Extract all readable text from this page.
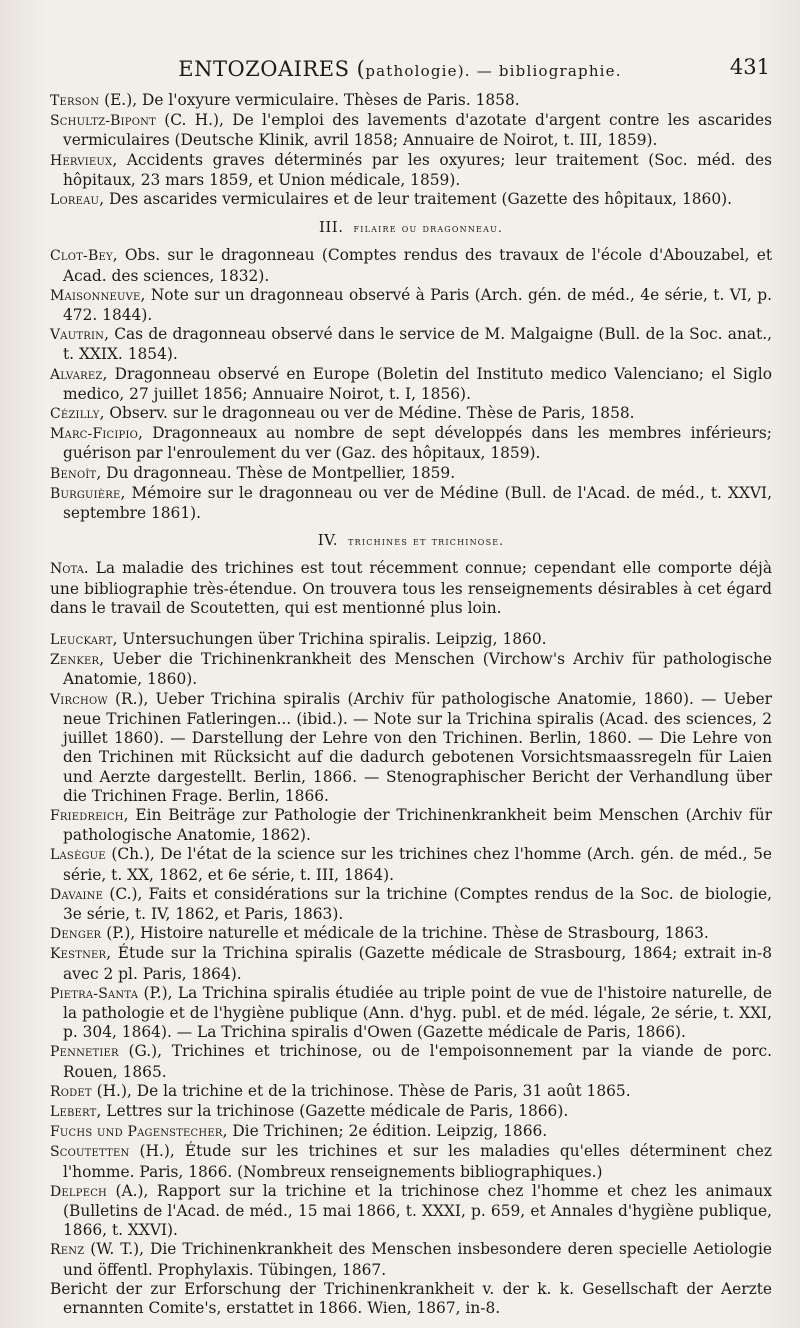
ENTOZOAIRES (pathologie). — bibliographie.	431

Terson (E.), De l'oxyure vermiculaire. Thèses de Paris. 1858.

Schultz-Bipont (C. H.), De l'emploi des lavements d'azotate d'argent contre les ascarides vermiculaires (Deutsche Klinik, avril 1858; Annuaire de Noirot, t. III, 1859).

Hervieux, Accidents graves déterminés par les oxyures; leur traitement (Soc. méd. des hôpitaux, 23 mars 1859, et Union médicale, 1859).

Loreau, Des ascarides vermiculaires et de leur traitement (Gazette des hôpitaux, 1860).

III. filaire ou dragonneau.

Clot-Bey, Obs. sur le dragonneau (Comptes rendus des travaux de l'école d'Abouzabel, et Acad. des sciences, 1832).

Maisonneuve, Note sur un dragonneau observé à Paris (Arch. gén. de méd., 4e série, t. VI, p. 472. 1844).

Vautrin, Cas de dragonneau observé dans le service de M. Malgaigne (Bull. de la Soc. anat., t. XXIX. 1854).

Alvarez, Dragonneau observé en Europe (Boletin del Instituto medico Valenciano; el Siglo medico, 27 juillet 1856; Annuaire Noirot, t. I, 1856).

Cézilly, Observ. sur le dragonneau ou ver de Médine. Thèse de Paris, 1858.

Marc-Ficipio, Dragonneaux au nombre de sept développés dans les membres inférieurs; guérison par l'enroulement du ver (Gaz. des hôpitaux, 1859).

Benoît, Du dragonneau. Thèse de Montpellier, 1859.

Burguière, Mémoire sur le dragonneau ou ver de Médine (Bull. de l'Acad. de méd., t. XXVI, septembre 1861).

IV. trichines et trichinose.

Nota. La maladie des trichines est tout récemment connue; cependant elle comporte déjà une bibliographie très-étendue. On trouvera tous les renseignements désirables à cet égard dans le travail de Scoutetten, qui est mentionné plus loin.

Leuckart, Untersuchungen über Trichina spiralis. Leipzig, 1860.

Zenker, Ueber die Trichinenkrankheit des Menschen (Virchow's Archiv für pathologische Anatomie, 1860).

Virchow (R.), Ueber Trichina spiralis (Archiv für pathologische Anatomie, 1860). — Ueber neue Trichinen Fatleringen... (ibid.). — Note sur la Trichina spiralis (Acad. des sciences, 2 juillet 1860). — Darstellung der Lehre von den Trichinen. Berlin, 1860. — Die Lehre von den Trichinen mit Rücksicht auf die dadurch gebotenen Vorsichtsmaassregeln für Laien und Aerzte dargestellt. Berlin, 1866. — Stenographischer Bericht der Verhandlung über die Trichinen Frage. Berlin, 1866.

Friedreich, Ein Beiträge zur Pathologie der Trichinenkrankheit beim Menschen (Archiv für pathologische Anatomie, 1862).

Lasègue (Ch.), De l'état de la science sur les trichines chez l'homme (Arch. gén. de méd., 5e série, t. XX, 1862, et 6e série, t. III, 1864).

Davaine (C.), Faits et considérations sur la trichine (Comptes rendus de la Soc. de biologie, 3e série, t. IV, 1862, et Paris, 1863).

Denger (P.), Histoire naturelle et médicale de la trichine. Thèse de Strasbourg, 1863.

Kestner, Étude sur la Trichina spiralis (Gazette médicale de Strasbourg, 1864; extrait in-8 avec 2 pl. Paris, 1864).

Pietra-Santa (P.), La Trichina spiralis étudiée au triple point de vue de l'histoire naturelle, de la pathologie et de l'hygiène publique (Ann. d'hyg. publ. et de méd. légale, 2e série, t. XXI, p. 304, 1864). — La Trichina spiralis d'Owen (Gazette médicale de Paris, 1866).

Pennetier (G.), Trichines et trichinose, ou de l'empoisonnement par la viande de porc. Rouen, 1865.

Rodet (H.), De la trichine et de la trichinose. Thèse de Paris, 31 août 1865.

Lebert, Lettres sur la trichinose (Gazette médicale de Paris, 1866).

Fuchs und Pagenstecher, Die Trichinen; 2e édition. Leipzig, 1866.

Scoutetten (H.), Étude sur les trichines et sur les maladies qu'elles déterminent chez l'homme. Paris, 1866. (Nombreux renseignements bibliographiques.)

Delpech (A.), Rapport sur la trichine et la trichinose chez l'homme et chez les animaux (Bulletins de l'Acad. de méd., 15 mai 1866, t. XXXI, p. 659, et Annales d'hygiène publique, 1866, t. XXVI).

Renz (W. T.), Die Trichinenkrankheit des Menschen insbesondere deren specielle Aetiologie und öffentl. Prophylaxis. Tübingen, 1867.

Bericht der zur Erforschung der Trichinenkrankheit v. der k. k. Gesellschaft der Aerzte ernannten Comite's, erstattet in 1866. Wien, 1867, in-8.
